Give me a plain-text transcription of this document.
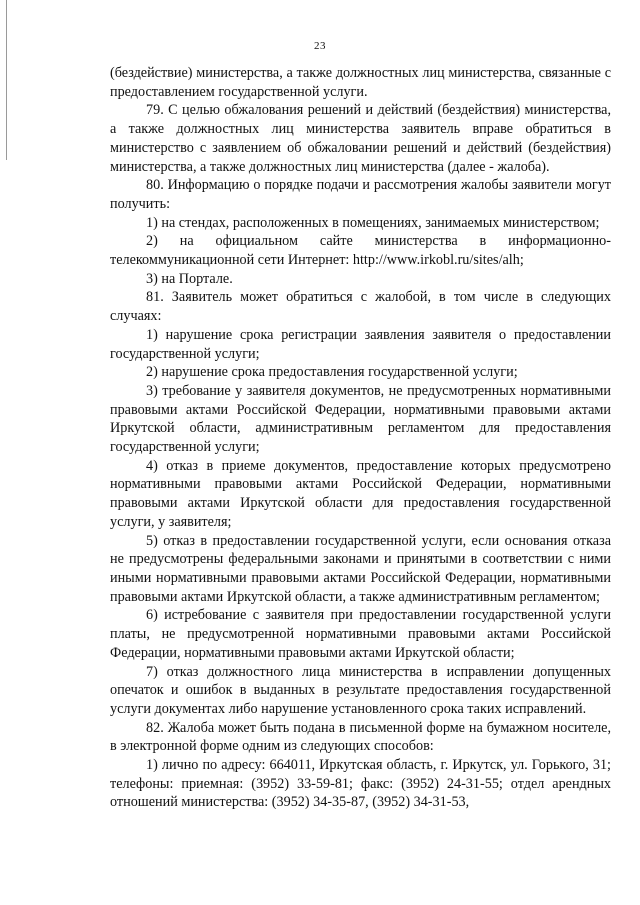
23

(бездействие) министерства, а также должностных лиц министерства, связанные с предоставлением государственной услуги.

79. С целью обжалования решений и действий (бездействия) министерства, а также должностных лиц министерства заявитель вправе обратиться в министерство с заявлением об обжаловании решений и действий (бездействия) министерства, а также должностных лиц министерства (далее - жалоба).

80. Информацию о порядке подачи и рассмотрения жалобы заявители могут получить:

1) на стендах, расположенных в помещениях, занимаемых министерством;

2) на официальном сайте министерства в информационно-телекоммуникационной сети Интернет: http://www.irkobl.ru/sites/alh;

3) на Портале.

81. Заявитель может обратиться с жалобой, в том числе в следующих случаях:

1) нарушение срока регистрации заявления заявителя о предоставлении государственной услуги;

2) нарушение срока предоставления государственной услуги;

3) требование у заявителя документов, не предусмотренных нормативными правовыми актами Российской Федерации, нормативными правовыми актами Иркутской области, административным регламентом для предоставления государственной услуги;

4) отказ в приеме документов, предоставление которых предусмотрено нормативными правовыми актами Российской Федерации, нормативными правовыми актами Иркутской области для предоставления государственной услуги, у заявителя;

5) отказ в предоставлении государственной услуги, если основания отказа не предусмотрены федеральными законами и принятыми в соответствии с ними иными нормативными правовыми актами Российской Федерации, нормативными правовыми актами Иркутской области, а также административным регламентом;

6) истребование с заявителя при предоставлении государственной услуги платы, не предусмотренной нормативными правовыми актами Российской Федерации, нормативными правовыми актами Иркутской области;

7) отказ должностного лица министерства в исправлении допущенных опечаток и ошибок в выданных в результате предоставления государственной услуги документах либо нарушение установленного срока таких исправлений.

82. Жалоба может быть подана в письменной форме на бумажном носителе, в электронной форме одним из следующих способов:

1) лично по адресу: 664011, Иркутская область, г. Иркутск, ул. Горького, 31; телефоны: приемная: (3952) 33-59-81; факс: (3952) 24-31-55; отдел арендных отношений министерства: (3952) 34-35-87, (3952) 34-31-53,
